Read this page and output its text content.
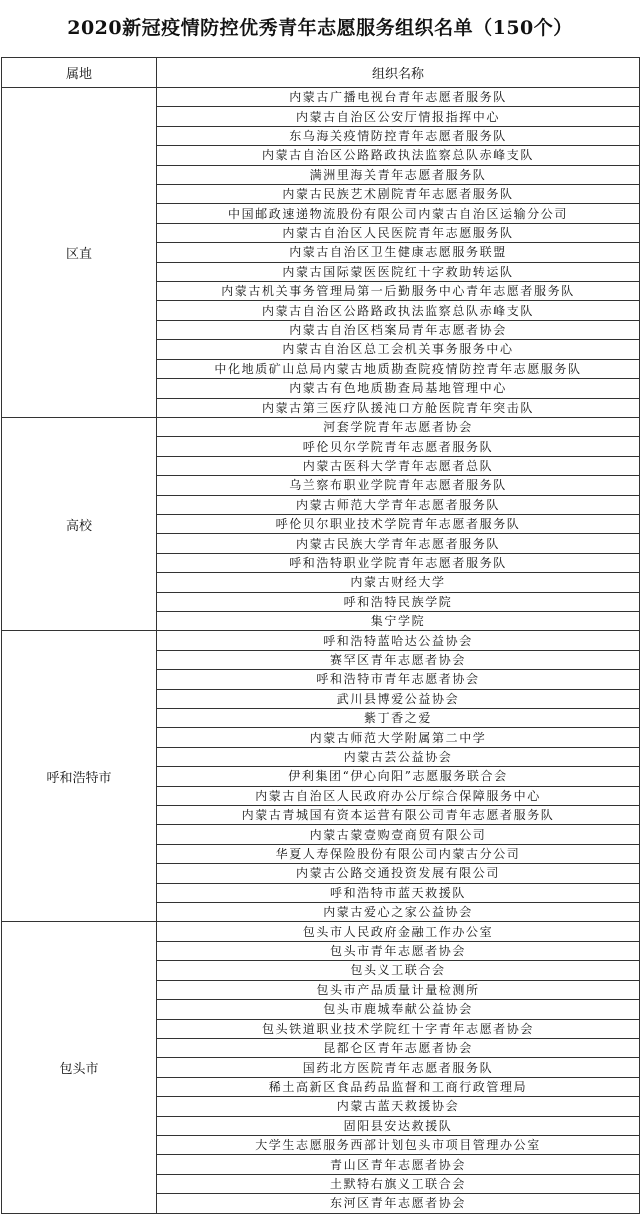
2020新冠疫情防控优秀青年志愿服务组织名单（150个）
属地	组织名称
区直	内蒙古广播电视台青年志愿者服务队
	内蒙古自治区公安厅情报指挥中心
	东乌海关疫情防控青年志愿者服务队
	内蒙古自治区公路路政执法监察总队赤峰支队
	满洲里海关青年志愿者服务队
	内蒙古民族艺术剧院青年志愿者服务队
	中国邮政速递物流股份有限公司内蒙古自治区运输分公司
	内蒙古自治区人民医院青年志愿服务队
	内蒙古自治区卫生健康志愿服务联盟
	内蒙古国际蒙医医院红十字救助转运队
	内蒙古机关事务管理局第一后勤服务中心青年志愿者服务队
	内蒙古自治区公路路政执法监察总队赤峰支队
	内蒙古自治区档案局青年志愿者协会
	内蒙古自治区总工会机关事务服务中心
	中化地质矿山总局内蒙古地质勘查院疫情防控青年志愿服务队
	内蒙古有色地质勘查局基地管理中心
	内蒙古第三医疗队援沌口方舱医院青年突击队
高校	河套学院青年志愿者协会
	呼伦贝尔学院青年志愿者服务队
	内蒙古医科大学青年志愿者总队
	乌兰察布职业学院青年志愿者服务队
	内蒙古师范大学青年志愿者服务队
	呼伦贝尔职业技术学院青年志愿者服务队
	内蒙古民族大学青年志愿者服务队
	呼和浩特职业学院青年志愿者服务队
	内蒙古财经大学
	呼和浩特民族学院
	集宁学院
呼和浩特市	呼和浩特蓝哈达公益协会
	赛罕区青年志愿者协会
	呼和浩特市青年志愿者协会
	武川县博爱公益协会
	紫丁香之爱
	内蒙古师范大学附属第二中学
	内蒙古芸公益协会
	伊利集团“伊心向阳”志愿服务联合会
	内蒙古自治区人民政府办公厅综合保障服务中心
	内蒙古青城国有资本运营有限公司青年志愿者服务队
	内蒙古蒙壹购壹商贸有限公司
	华夏人寿保险股份有限公司内蒙古分公司
	内蒙古公路交通投资发展有限公司
	呼和浩特市蓝天救援队
	内蒙古爱心之家公益协会
包头市	包头市人民政府金融工作办公室
	包头市青年志愿者协会
	包头义工联合会
	包头市产品质量计量检测所
	包头市鹿城奉献公益协会
	包头铁道职业技术学院红十字青年志愿者协会
	昆都仑区青年志愿者协会
	国药北方医院青年志愿者服务队
	稀土高新区食品药品监督和工商行政管理局
	内蒙古蓝天救援协会
	固阳县安达救援队
	大学生志愿服务西部计划包头市项目管理办公室
	青山区青年志愿者协会
	土默特右旗义工联合会
	东河区青年志愿者协会
